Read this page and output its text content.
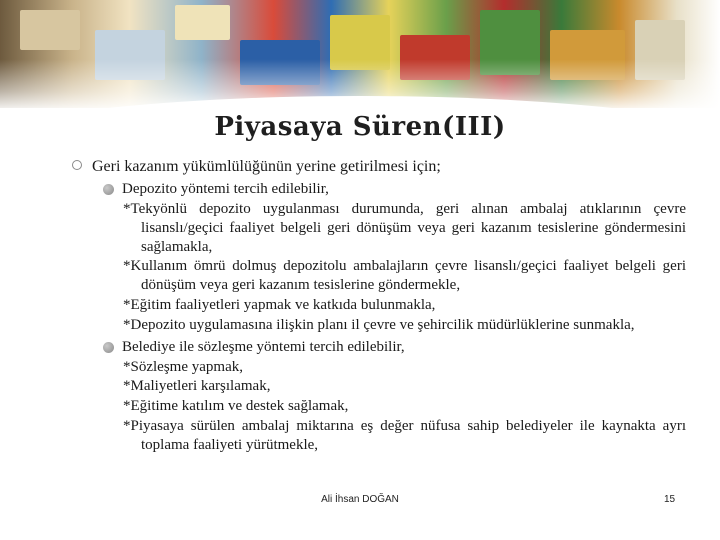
Piyasaya Süren(III)
Geri kazanım yükümlülüğünün yerine getirilmesi için;
Depozito yöntemi tercih edilebilir,
*Tekyönlü depozito uygulanması durumunda, geri alınan ambalaj atıklarının çevre lisanslı/geçici faaliyet belgeli geri dönüşüm veya geri kazanım tesislerine göndermesini sağlamakla,
*Kullanım ömrü dolmuş depozitolu ambalajların çevre lisanslı/geçici faaliyet belgeli geri dönüşüm veya geri kazanım tesislerine göndermekle,
*Eğitim faaliyetleri yapmak ve katkıda bulunmakla,
*Depozito uygulamasına ilişkin planı il çevre ve şehircilik müdürlüklerine sunmakla,
Belediye ile sözleşme yöntemi tercih edilebilir,
*Sözleşme yapmak,
*Maliyetleri karşılamak,
*Eğitime katılım ve destek sağlamak,
*Piyasaya sürülen ambalaj miktarına eş değer nüfusa sahip belediyeler ile kaynakta ayrı toplama faaliyeti yürütmekle,
Ali İhsan DOĞAN	15
